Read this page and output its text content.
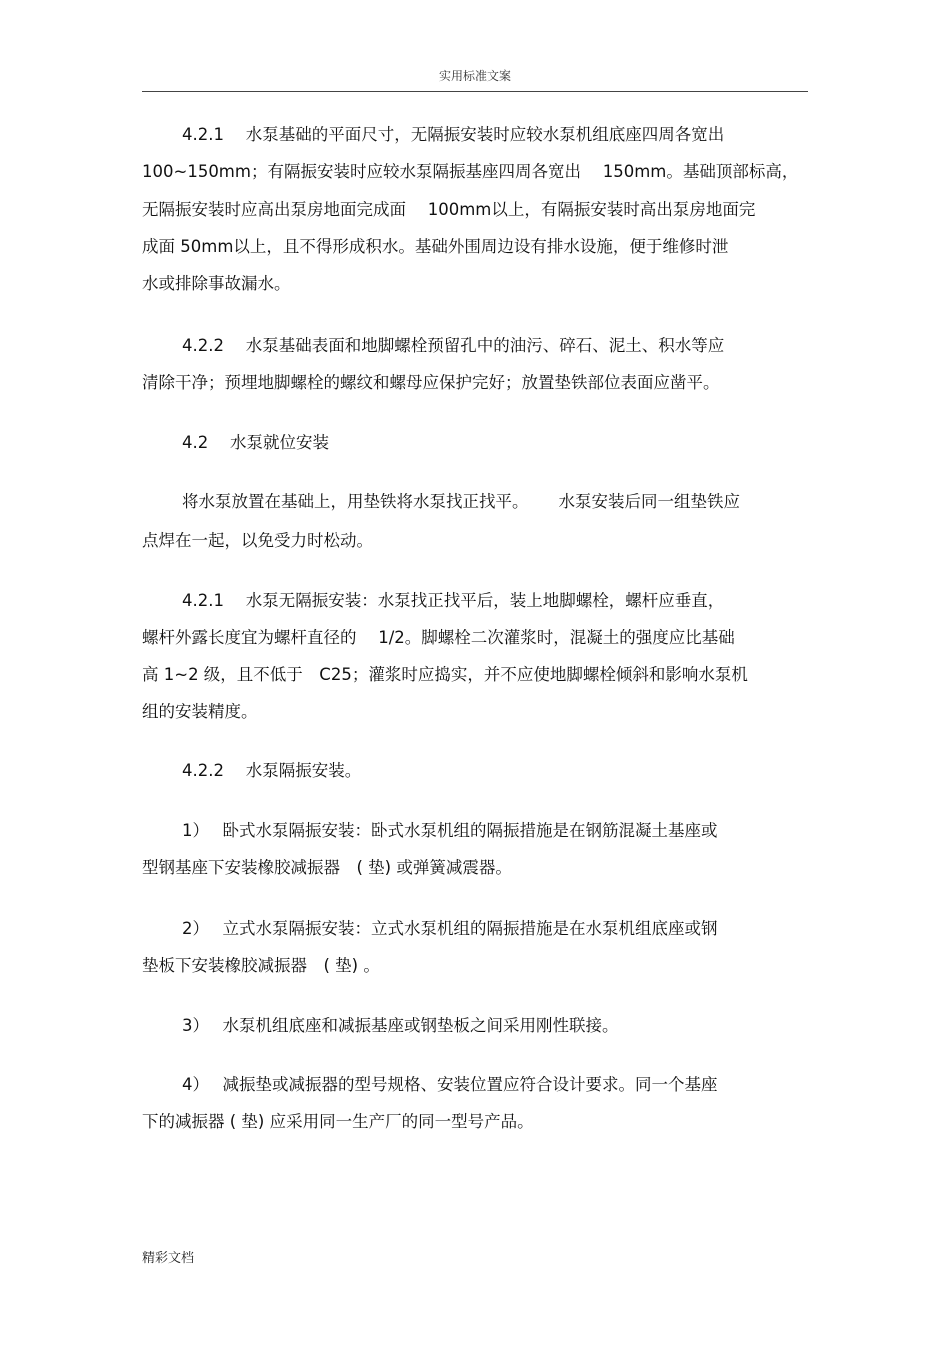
实用标准文案
4.2.1　 水泵基础的平面尺寸，无隔振安装时应较水泵机组底座四周各宽出
100~150mm；有隔振安装时应较水泵隔振基座四周各宽出　 150mm。基础顶部标高，
无隔振安装时应高出泵房地面完成面　 100mm以上，有隔振安装时高出泵房地面完
成面 50mm以上，且不得形成积水。基础外围周边设有排水设施，便于维修时泄
水或排除事故漏水。
4.2.2　 水泵基础表面和地脚螺栓预留孔中的油污、碎石、泥土、积水等应
清除干净；预埋地脚螺栓的螺纹和螺母应保护完好；放置垫铁部位表面应凿平。
4.2　 水泵就位安装
将水泵放置在基础上，用垫铁将水泵找正找平。　　 水泵安装后同一组垫铁应
点焊在一起，以免受力时松动。
4.2.1　 水泵无隔振安装：水泵找正找平后，装上地脚螺栓，螺杆应垂直，
螺杆外露长度宜为螺杆直径的　 1/2。脚螺栓二次灌浆时，混凝土的强度应比基础
高 1~2 级，且不低于　C25；灌浆时应捣实，并不应使地脚螺栓倾斜和影响水泵机
组的安装精度。
4.2.2　 水泵隔振安装。
1）　 卧式水泵隔振安装：卧式水泵机组的隔振措施是在钢筋混凝土基座或
型钢基座下安装橡胶减振器　( 垫) 或弹簧减震器。
2）　 立式水泵隔振安装：立式水泵机组的隔振措施是在水泵机组底座或钢
垫板下安装橡胶减振器　( 垫) 。
3）　 水泵机组底座和减振基座或钢垫板之间采用刚性联接。
4）　 减振垫或减振器的型号规格、安装位置应符合设计要求。同一个基座
下的减振器 ( 垫) 应采用同一生产厂的同一型号产品。
精彩文档
